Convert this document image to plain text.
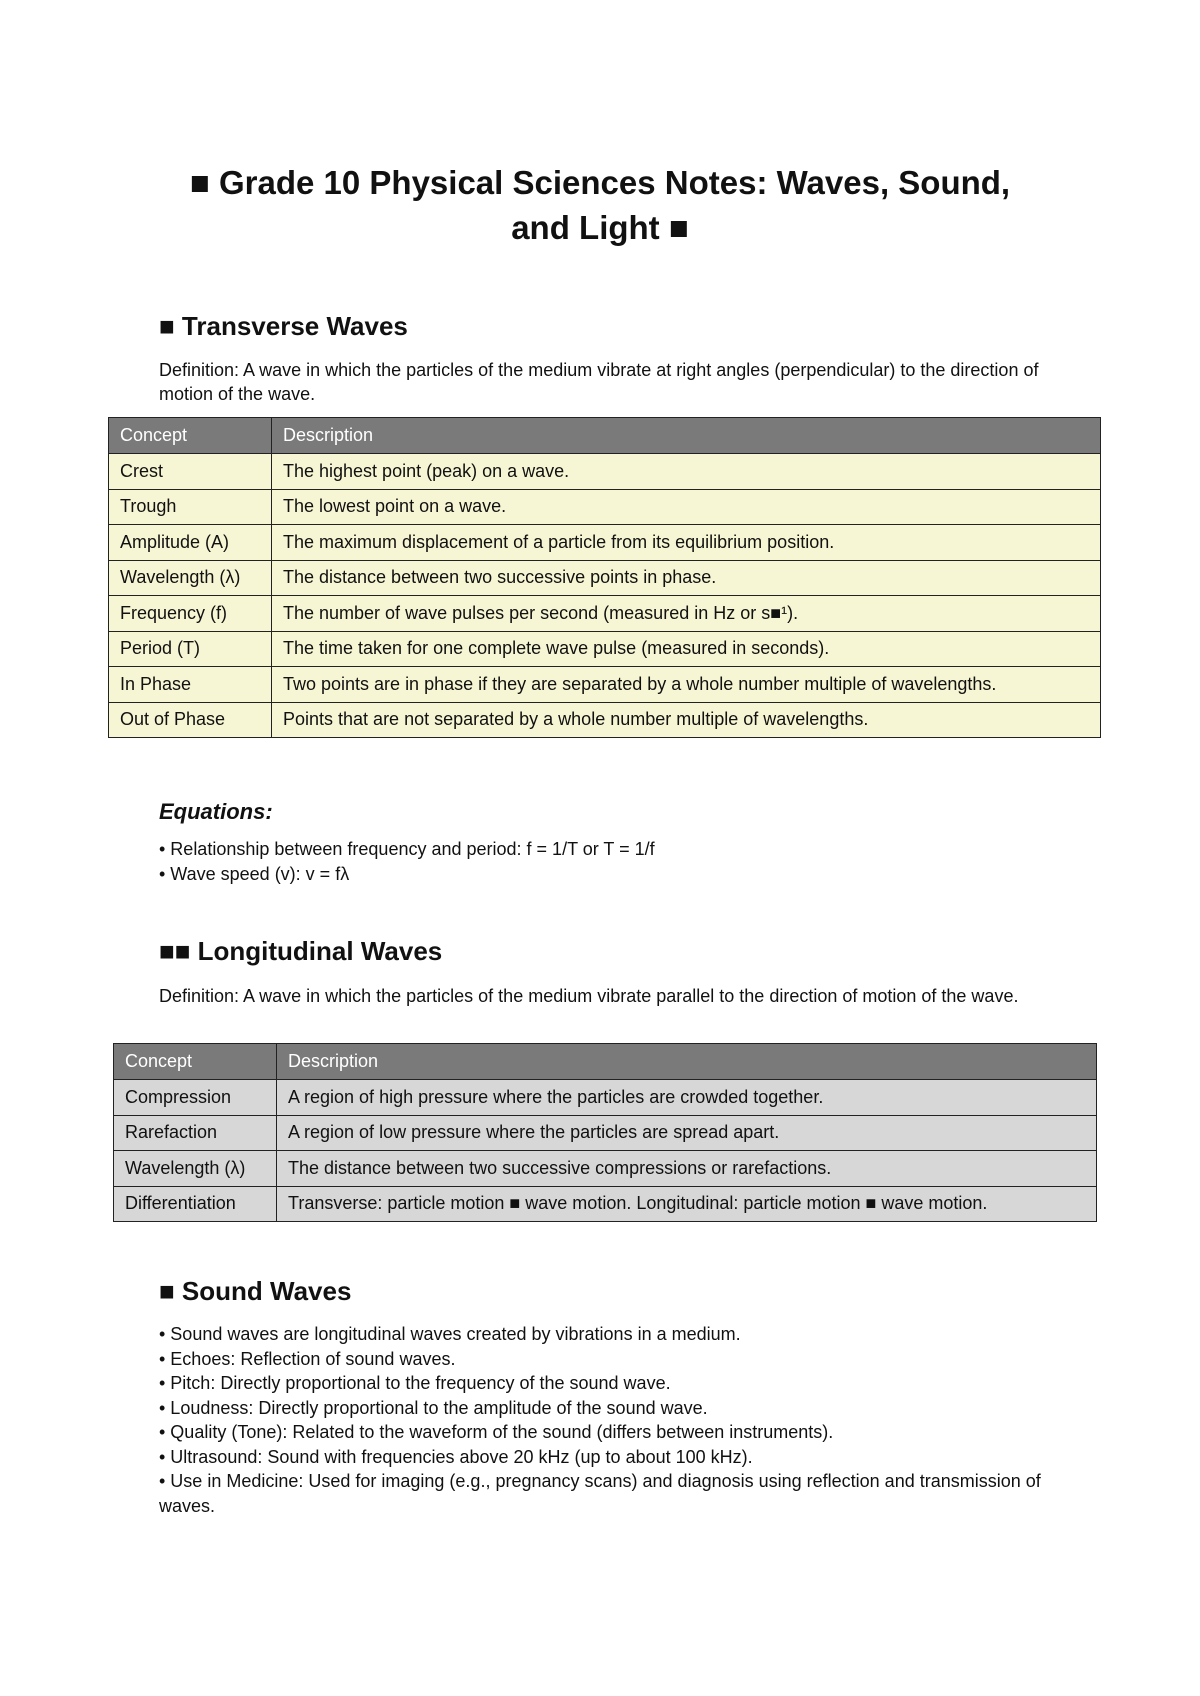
■ Grade 10 Physical Sciences Notes: Waves, Sound, and Light ■
■ Transverse Waves
Definition: A wave in which the particles of the medium vibrate at right angles (perpendicular) to the direction of motion of the wave.
Concept	Description
Crest	The highest point (peak) on a wave.
Trough	The lowest point on a wave.
Amplitude (A)	The maximum displacement of a particle from its equilibrium position.
Wavelength (λ)	The distance between two successive points in phase.
Frequency (f)	The number of wave pulses per second (measured in Hz or s■¹).
Period (T)	The time taken for one complete wave pulse (measured in seconds).
In Phase	Two points are in phase if they are separated by a whole number multiple of wavelengths.
Out of Phase	Points that are not separated by a whole number multiple of wavelengths.
Equations:
• Relationship between frequency and period: f = 1/T or T = 1/f
• Wave speed (v): v = fλ
■■ Longitudinal Waves
Definition: A wave in which the particles of the medium vibrate parallel to the direction of motion of the wave.
Concept	Description
Compression	A region of high pressure where the particles are crowded together.
Rarefaction	A region of low pressure where the particles are spread apart.
Wavelength (λ)	The distance between two successive compressions or rarefactions.
Differentiation	Transverse: particle motion ■ wave motion. Longitudinal: particle motion ■ wave motion.
■ Sound Waves
• Sound waves are longitudinal waves created by vibrations in a medium.
• Echoes: Reflection of sound waves.
• Pitch: Directly proportional to the frequency of the sound wave.
• Loudness: Directly proportional to the amplitude of the sound wave.
• Quality (Tone): Related to the waveform of the sound (differs between instruments).
• Ultrasound: Sound with frequencies above 20 kHz (up to about 100 kHz).
• Use in Medicine: Used for imaging (e.g., pregnancy scans) and diagnosis using reflection and transmission of waves.
